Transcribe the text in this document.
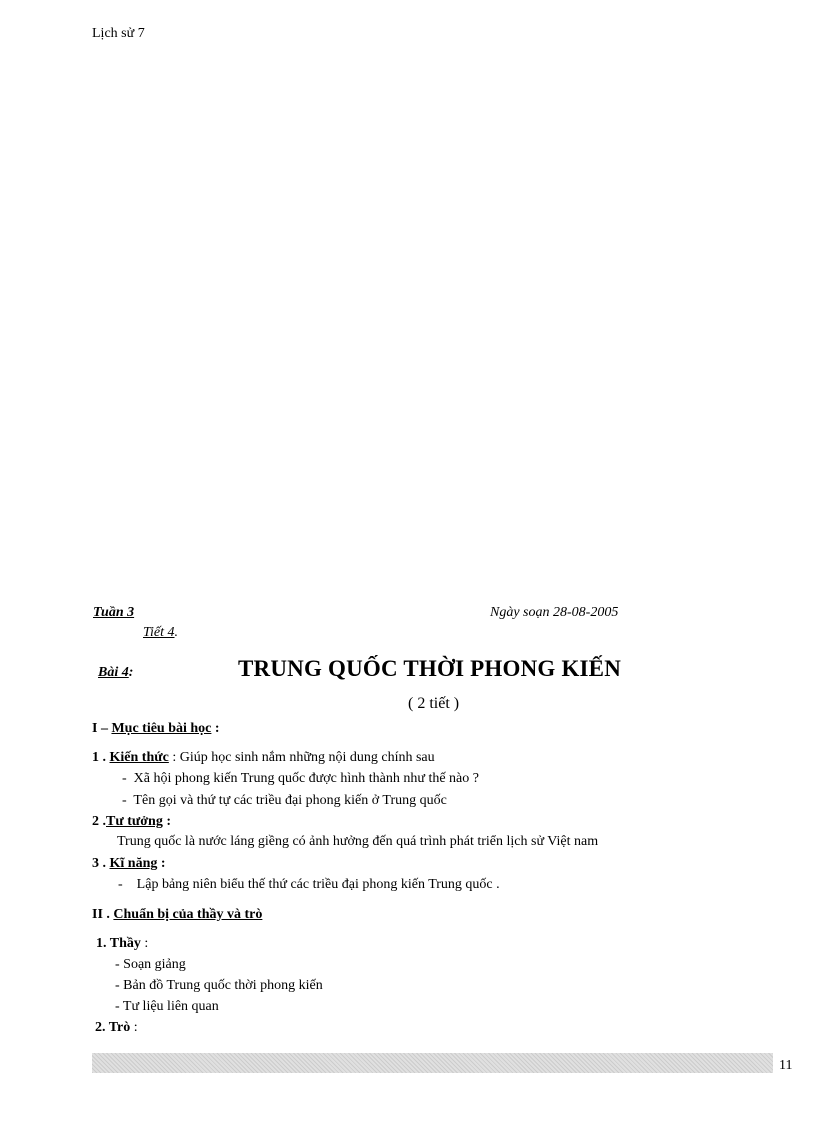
Lịch sử 7
Tuần 3	Ngày soạn 28-08-2005
Tiết 4.
Bài 4:	TRUNG QUỐC THỜI PHONG KIẾN
( 2 tiết )
I – Mục tiêu bài học :
1 . Kiến thức : Giúp học sinh nắm những nội dung chính sau
-  Xã hội phong kiến Trung quốc được hình thành như thế nào ?
-  Tên gọi và thứ tự các triều đại phong kiến ở Trung quốc
2 .Tư tưởng :
Trung quốc là nước láng giềng có ảnh hưởng đến quá trình phát triển lịch sử Việt nam
3 . Kĩ năng :
-    Lập bảng niên biểu thế thứ các triều đại phong kiến Trung quốc .
II . Chuẩn bị của thầy và trò
1. Thầy :
- Soạn giảng
- Bản đồ Trung quốc thời phong kiến
- Tư liệu liên quan
2. Trò :
11
